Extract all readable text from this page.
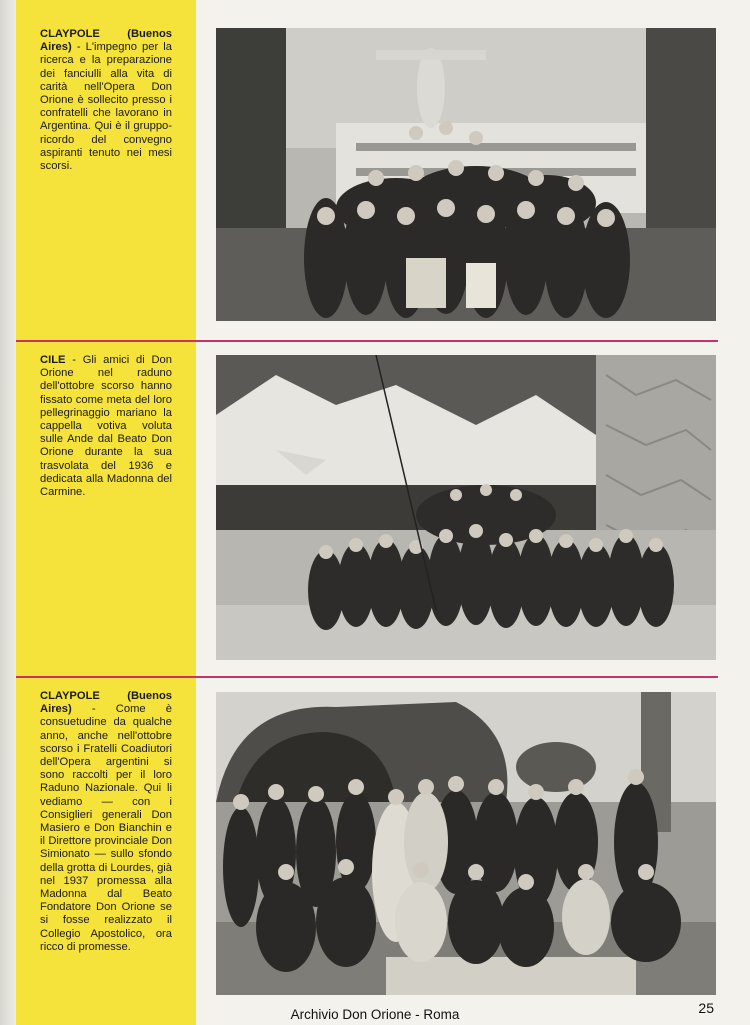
CLAYPOLE (Buenos Aires) - L'impegno per la ricerca e la preparazione dei fanciulli alla vita di carità nell'Opera Don Orione è sollecito presso i confratelli che lavorano in Argentina. Qui è il gruppo-ricordo del convegno aspiranti tenuto nei mesi scorsi.
CILE - Gli amici di Don Orione nel raduno dell'ottobre scorso hanno fissato come meta del loro pellegrinaggio mariano la cappella votiva voluta sulle Ande dal Beato Don Orione durante la sua trasvolata del 1936 e dedicata alla Madonna del Carmine.
CLAYPOLE (Buenos Aires) - Come è consuetudine da qualche anno, anche nell'ottobre scorso i Fratelli Coadiutori dell'Opera argentini si sono raccolti per il loro Raduno Nazionale. Qui li vediamo — con i Consiglieri generali Don Masiero e Don Bianchin e il Direttore provinciale Don Simionato — sullo sfondo della grotta di Lourdes, già nel 1937 promessa alla Madonna dal Beato Fondatore Don Orione se si fosse realizzato il Collegio Apostolico, ora ricco di promesse.
25
Archivio Don Orione - Roma
